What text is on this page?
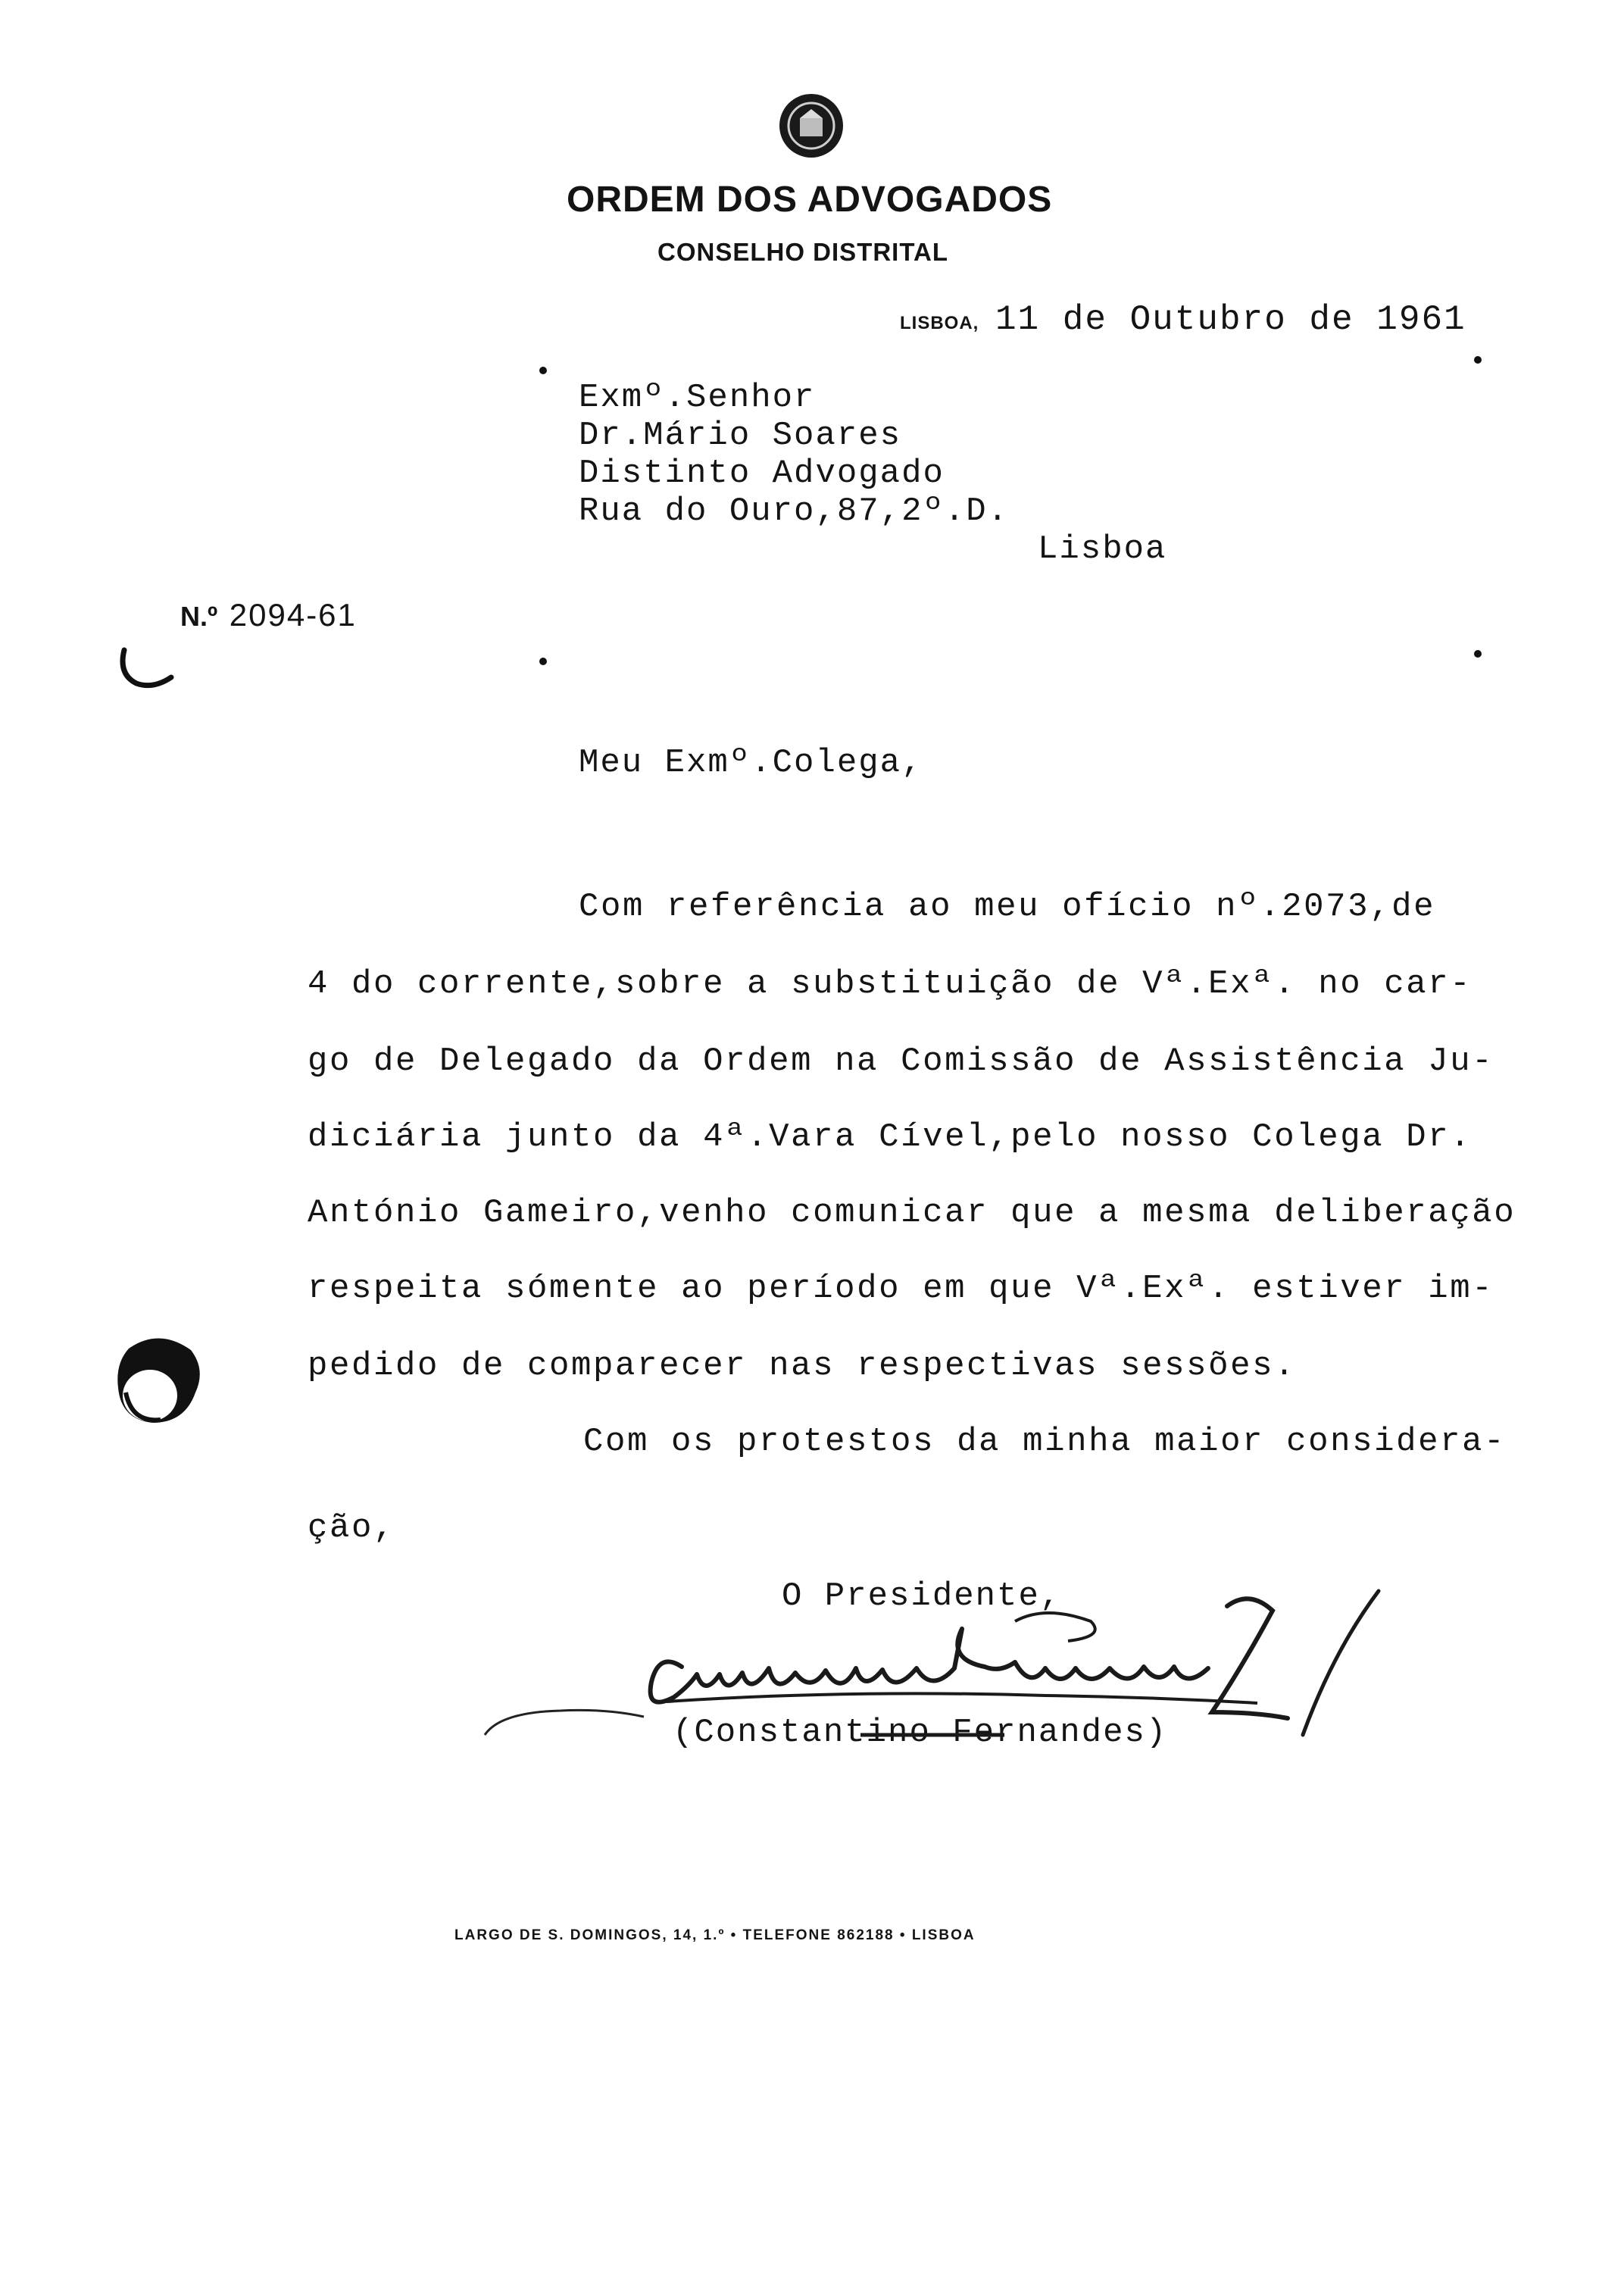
ORDEM DOS ADVOGADOS
CONSELHO DISTRITAL
LISBOA, 11 de Outubro de 1961
Exmº.Senhor
Dr.Mário Soares
Distinto Advogado
Rua do Ouro,87,2º.D.
Lisboa
N.º 2094-61
Meu Exmº.Colega,
Com referência ao meu ofício nº.2073,de
4 do corrente,sobre a substituição de Vª.Exª. no car-
go de Delegado da Ordem na Comissão de Assistência Ju-
diciária junto da 4ª.Vara Cível,pelo nosso Colega Dr.
António Gameiro,venho comunicar que a mesma deliberação
respeita sómente ao período em que Vª.Exª. estiver im-
pedido de comparecer nas respectivas sessões.
Com os protestos da minha maior considera-
ção,
O Presidente,
(Constantino Fernandes)
LARGO DE S. DOMINGOS, 14, 1.º • TELEFONE 862188 • LISBOA
